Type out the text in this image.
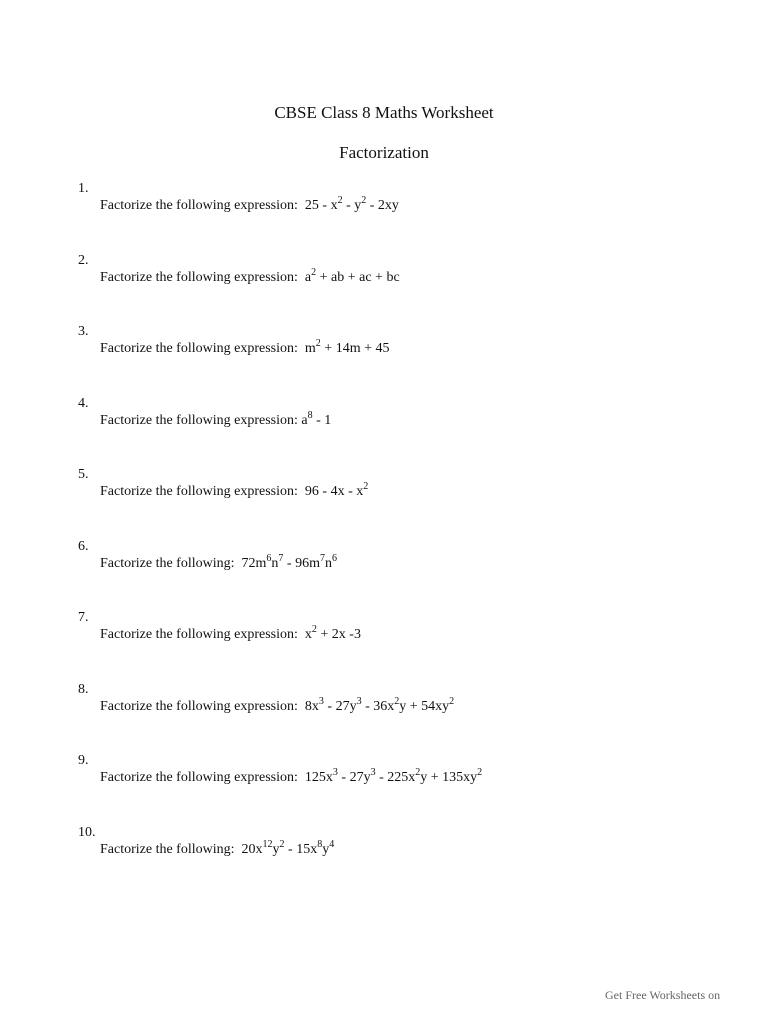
CBSE Class 8 Maths Worksheet
Factorization
1.
Factorize the following expression: $25 - x^2 - y^2 - 2xy$
2.
Factorize the following expression: $a^2$ + ab + ac + bc
3.
Factorize the following expression: $m^2 + 14m + 45$
4.
Factorize the following expression: $a^8 - 1$
5.
Factorize the following expression: $96 - 4x - x^2$
6.
Factorize the following: $72m^6n^7 - 96m^7n^6$
7.
Factorize the following expression: $x^2 + 2x$ -3
8.
Factorize the following expression: $8x^3 - 27y^3 - 36x^2y + 54xy^2$
9.
Factorize the following expression: $125x^3 - 27y^3 - 225x^2y + 135xy^2$
10.
Factorize the following: $20x^{12}y^2 - 15x^8y^4$
Get Free Worksheets on
